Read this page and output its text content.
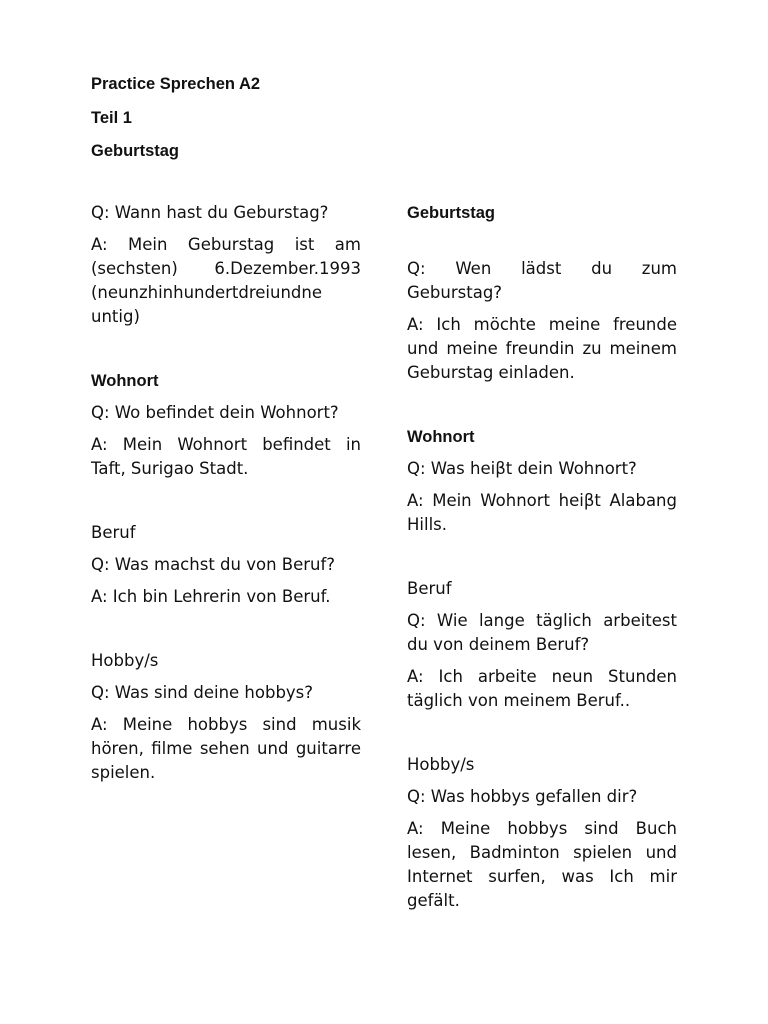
Practice Sprechen A2
Teil 1
Geburtstag

Q: Wann hast du Geburstag?

A: Mein Geburstag ist am (sechsten) 6.Dezember.1993 (neunzhinhundertdreiundne untig)

Wohnort

Q: Wo befindet dein Wohnort?

A: Mein Wohnort befindet in Taft, Surigao Stadt.

Beruf

Q: Was machst du von Beruf?

A: Ich bin Lehrerin von Beruf.

Hobby/s

Q: Was sind deine hobbys?

A: Meine hobbys sind musik hören, filme sehen und guitarre spielen.

Geburtstag

Q: Wen lädst du zum Geburstag?

A: Ich möchte meine freunde und meine freundin zu meinem Geburstag einladen.

Wohnort

Q: Was heiβt dein Wohnort?

A: Mein Wohnort heiβt Alabang Hills.

Beruf

Q: Wie lange täglich arbeitest du von deinem Beruf?

A: Ich arbeite neun Stunden täglich von meinem Beruf..

Hobby/s

Q: Was hobbys gefallen dir?

A: Meine hobbys sind Buch lesen, Badminton spielen und Internet surfen, was Ich mir gefält.
